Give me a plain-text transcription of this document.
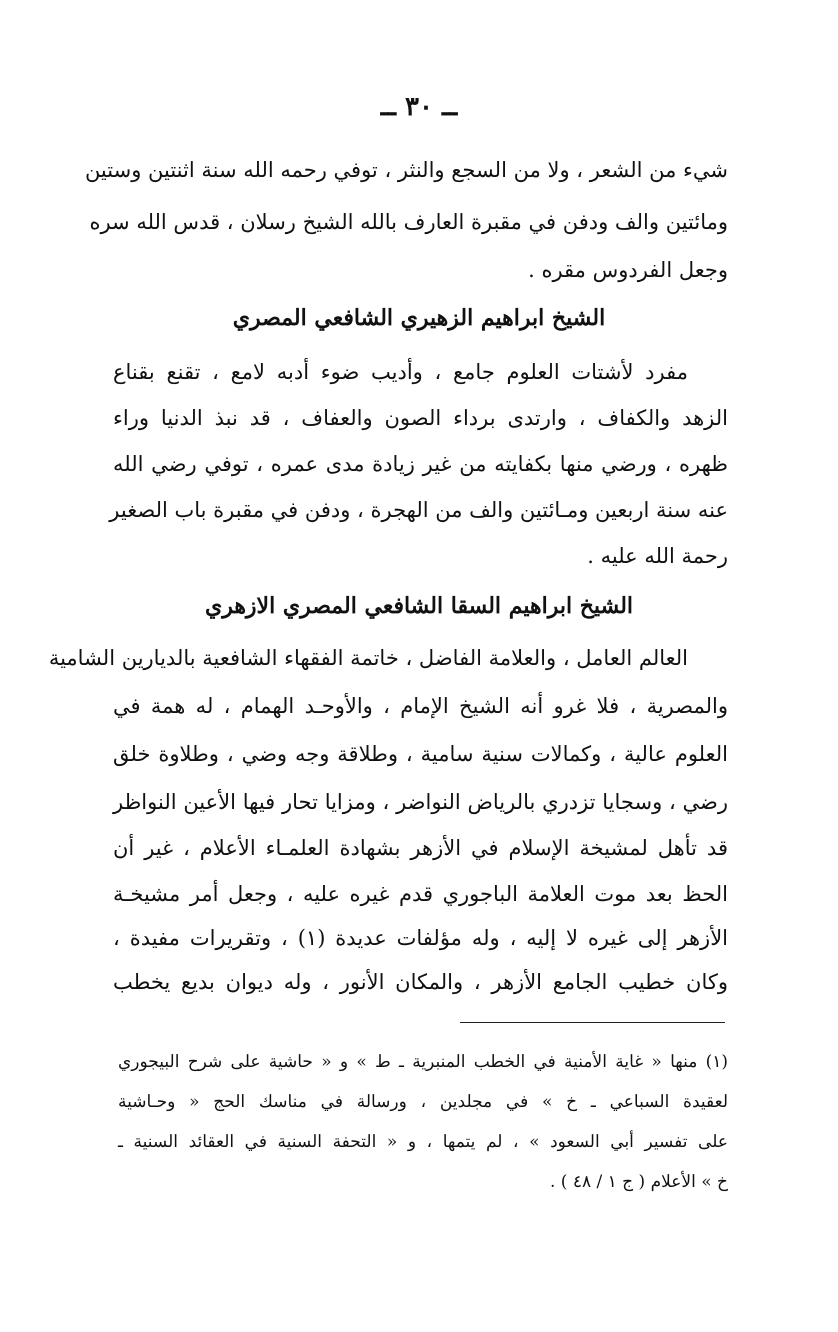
ــ ٣٠ ــ
شيء من الشعر ، ولا من السجع والنثر ، توفي رحمه الله سنة اثنتين وستين
ومائتين والف ودفن في مقبرة العارف بالله الشيخ رسلان ، قدس الله سره
وجعل الفردوس مقره .
الشيخ ابراهيم الزهيري الشافعي المصري
مفرد لأشتات العلوم جامع ، وأديب ضوء أدبه لامع ، تقنع بقناع
الزهد والكفاف ، وارتدى برداء الصون والعفاف ، قد نبذ الدنيا وراء
ظهره ، ورضي منها بكفايته من غير زيادة مدى عمره ، توفي رضي الله
عنه سنة اربعين ومـائتين والف من الهجرة ، ودفن في مقبرة باب الصغير
رحمة الله عليه .
الشيخ ابراهيم السقا الشافعي المصري الازهري
العالم العامل ، والعلامة الفاضل ، خاتمة الفقهاء الشافعية بالديارين الشامية
والمصرية ، فلا غرو أنه الشيخ الإمام ، والأوحـد الهمام ، له همة في
العلوم عالية ، وكمالات سنية سامية ، وطلاقة وجه وضي ، وطلاوة خلق
رضي ، وسجايا تزدري بالرياض النواضر ، ومزايا تحار فيها الأعين النواظر
قد تأهل لمشيخة الإسلام في الأزهر بشهادة العلمـاء الأعلام ، غير أن
الحظ بعد موت العلامة الباجوري قدم غيره عليه ، وجعل أمر مشيخـة
الأزهر إلى غيره لا إليه ، وله مؤلفات عديدة (١) ، وتقريرات مفيدة ،
وكان خطيب الجامع الأزهر ، والمكان الأنور ، وله ديوان بديع يخطب
(١) منها « غاية الأمنية في الخطب المنبرية ـ ط » و « حاشية على شرح البيجوري
لعقيدة السباعي ـ خ » في مجلدين ، ورسالة في مناسك الحج « وحـاشية
على تفسير أبي السعود » ، لم يتمها ، و « التحفة السنية في العقائد السنية ـ
خ » الأعلام ( ج ١ / ٤٨ ) .
